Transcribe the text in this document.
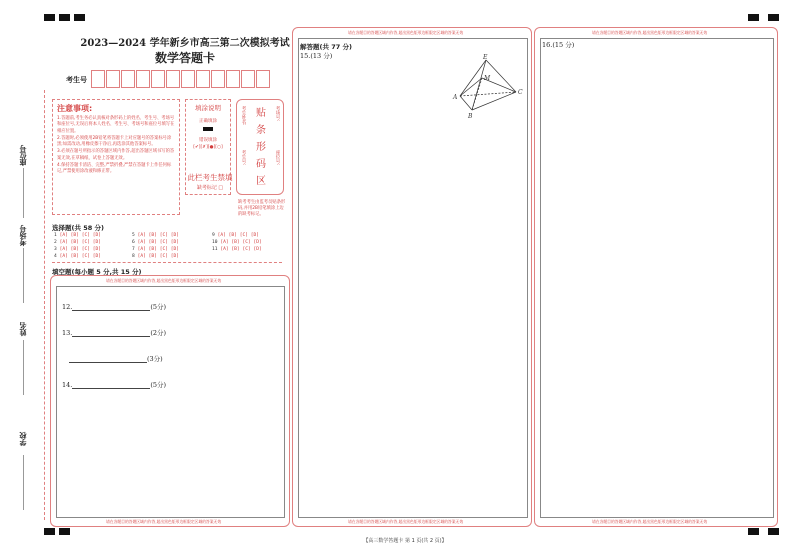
座位号
考场号
姓名
学校
2023—2024 学年新乡市高三第二次模拟考试
数学答题卡
考生号
注意事项:

1.答题前,考生务必认真核对条形码上的姓名、考生号、考场号和座位号,无误后将本人姓名、考生号、考场号和座位号填写在相应位置。

2.答题时,必须使用2B铅笔将答题卡上对应题号的答案标号涂黑;如需改动,用橡皮擦干净后,再选涂其他答案标号。

3.必须在题号所指示的答题区域内作答,超出答题区域书写的答案无效,在草稿纸、试卷上答题无效。

4.保持答题卡清洁、完整,严禁折叠,严禁在答题卡上作任何标记,严禁使用涂改液和修正带。

填涂说明
正确填涂
错误填涂
[✔][✗][●][○]
此栏考生禁填
缺考标记 □
贴
条
形
码
区
考生姓名:
考生号:
考场号:
座位号:
缺考考生由监考员贴条形码,并用2B铅笔填涂上边的缺考标记。
选择题(共 58 分)
1 [A] [B] [C] [D]
2 [A] [B] [C] [D]
3 [A] [B] [C] [D]
4 [A] [B] [C] [D]
5 [A] [B] [C] [D]
6 [A] [B] [C] [D]
7 [A] [B] [C] [D]
8 [A] [B] [C] [D]
9 [A] [B] [C] [D]
10 [A] [B] [C] [D]
11 [A] [B] [C] [D]
填空题(每小题 5 分,共 15 分)
请在各题目的答题区域内作答,超出黑色矩形边框限定区域的答案无效
请在各题目的答题区域内作答,超出黑色矩形边框限定区域的答案无效
12.	(5分)
13.	(2分)
(3分)
14.	(5分)
请在各题目的答题区域内作答,超出黑色矩形边框限定区域的答案无效
请在各题目的答题区域内作答,超出黑色矩形边框限定区域的答案无效
解答题(共 77 分)
15.(13 分)	E
M
A
C
B
请在各题目的答题区域内作答,超出黑色矩形边框限定区域的答案无效
请在各题目的答题区域内作答,超出黑色矩形边框限定区域的答案无效
16.(15 分)
【高三数学答题卡 第 1 页(共 2 页)】
